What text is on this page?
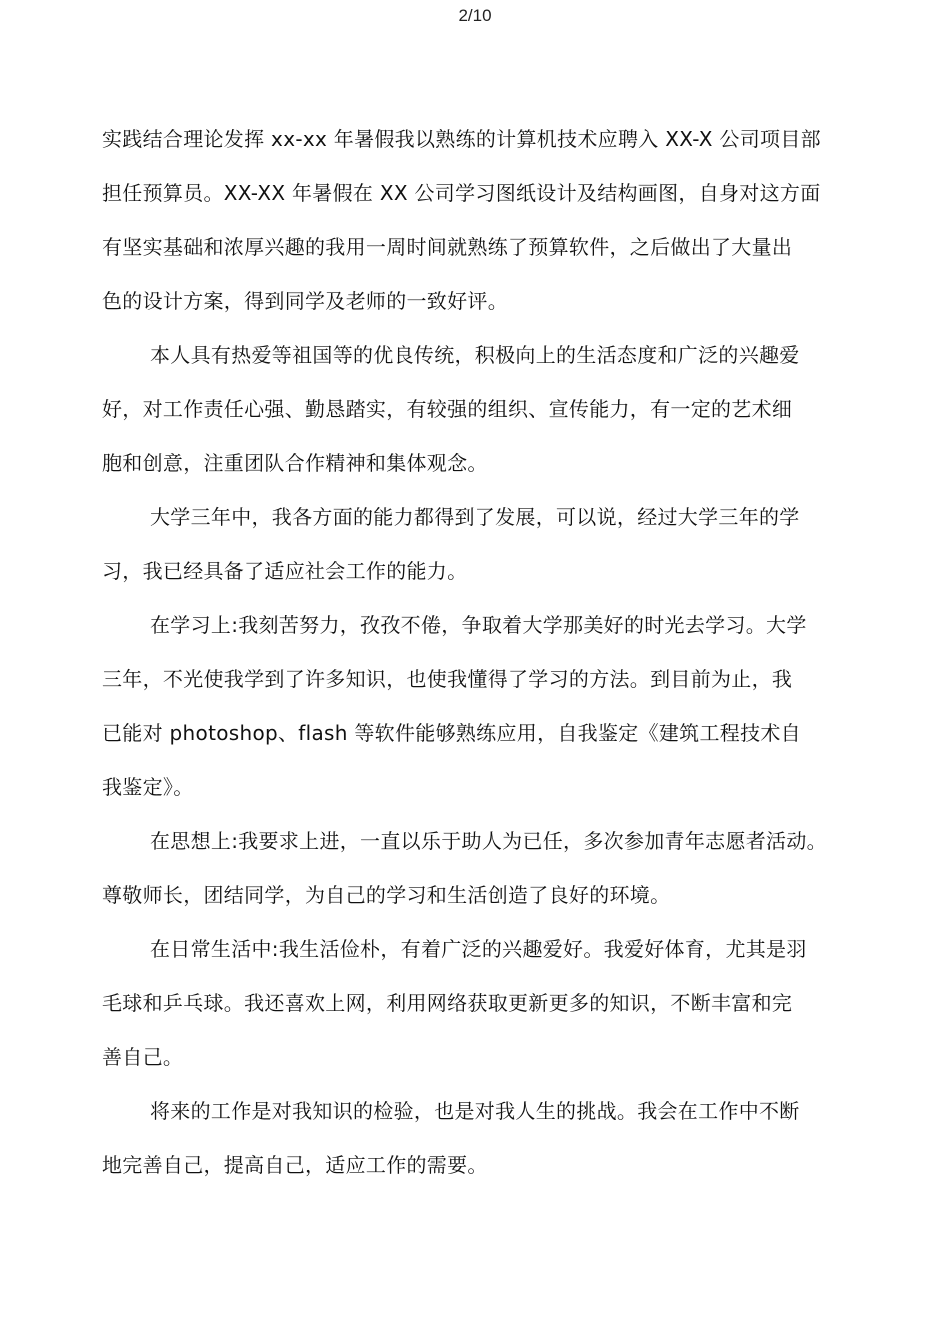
2/10
实践结合理论发挥 xx-xx 年暑假我以熟练的计算机技术应聘入 XX-X 公司项目部
担任预算员。XX-XX 年暑假在 XX 公司学习图纸设计及结构画图，自身对这方面
有坚实基础和浓厚兴趣的我用一周时间就熟练了预算软件，之后做出了大量出
色的设计方案，得到同学及老师的一致好评。
本人具有热爱等祖国等的优良传统，积极向上的生活态度和广泛的兴趣爱
好，对工作责任心强、勤恳踏实，有较强的组织、宣传能力，有一定的艺术细
胞和创意，注重团队合作精神和集体观念。
大学三年中，我各方面的能力都得到了发展，可以说，经过大学三年的学
习，我已经具备了适应社会工作的能力。
在学习上:我刻苦努力，孜孜不倦，争取着大学那美好的时光去学习。大学
三年，不光使我学到了许多知识，也使我懂得了学习的方法。到目前为止，我
已能对 photoshop、flash 等软件能够熟练应用，自我鉴定《建筑工程技术自
我鉴定》。
在思想上:我要求上进，一直以乐于助人为已任，多次参加青年志愿者活动。
尊敬师长，团结同学，为自己的学习和生活创造了良好的环境。
在日常生活中:我生活俭朴，有着广泛的兴趣爱好。我爱好体育，尤其是羽
毛球和乒乓球。我还喜欢上网，利用网络获取更新更多的知识，不断丰富和完
善自己。
将来的工作是对我知识的检验，也是对我人生的挑战。我会在工作中不断
地完善自己，提高自己，适应工作的需要。
